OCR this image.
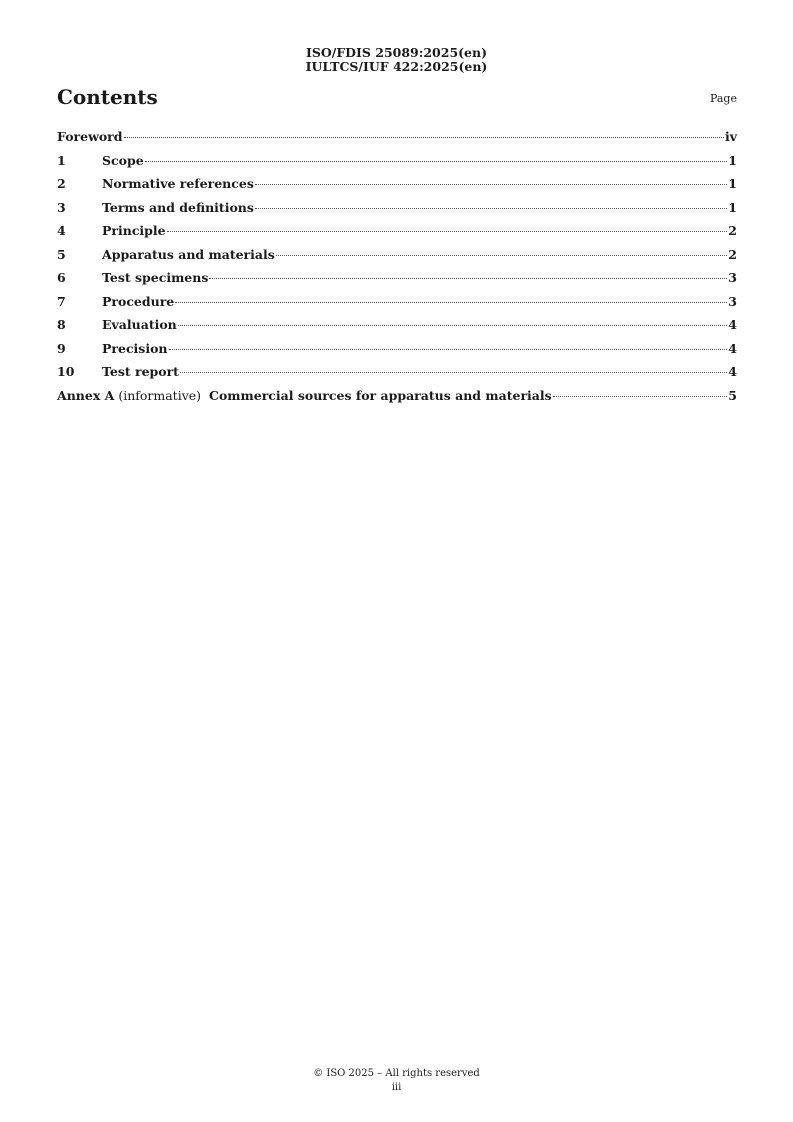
ISO/FDIS 25089:2025(en)
IULTCS/IUF 422:2025(en)
Contents	Page
Foreword	iv
1	Scope	1
2	Normative references	1
3	Terms and definitions	1
4	Principle	2
5	Apparatus and materials	2
6	Test specimens	3
7	Procedure	3
8	Evaluation	4
9	Precision	4
10	Test report	4
Annex A (informative) Commercial sources for apparatus and materials	5
© ISO 2025 – All rights reserved
iii
